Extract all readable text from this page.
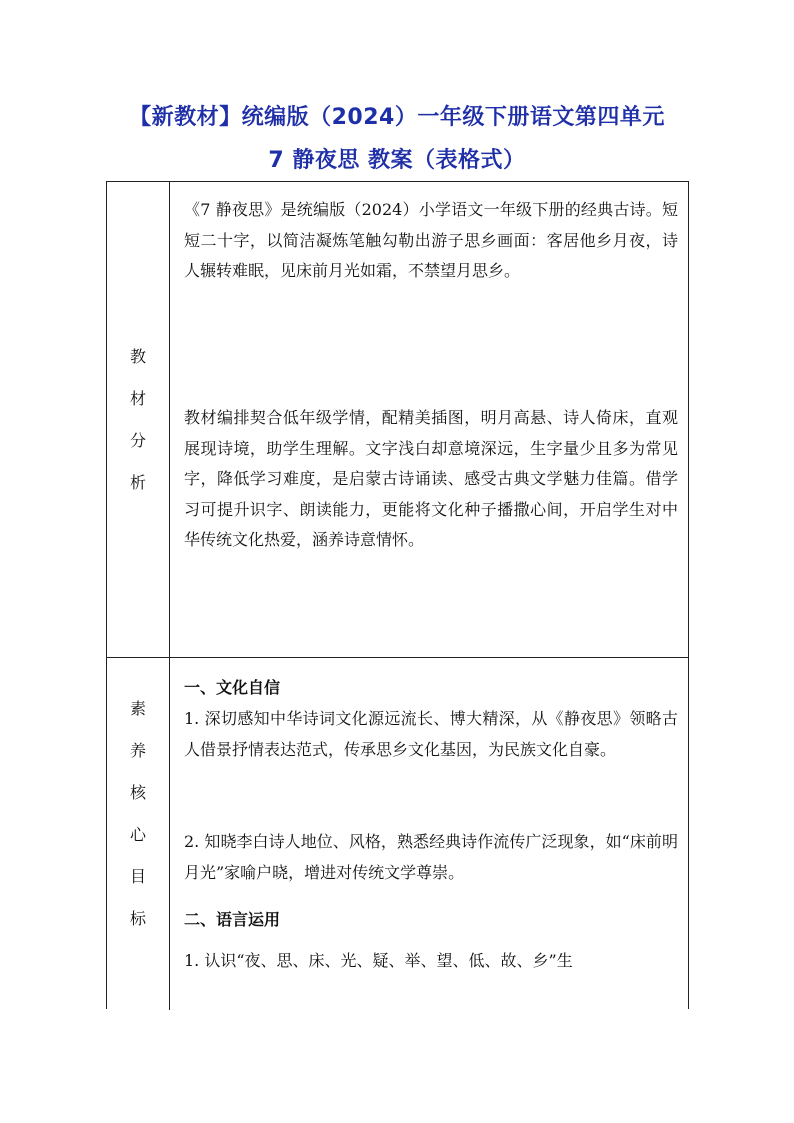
【新教材】统编版（2024）一年级下册语文第四单元
7 静夜思 教案（表格式）
教
材
分
析

《7 静夜思》是统编版（2024）小学语文一年级下册的经典古诗。短短二十字，以简洁凝炼笔触勾勒出游子思乡画面：客居他乡月夜，诗人辗转难眠，见床前月光如霜，不禁望月思乡。

教材编排契合低年级学情，配精美插图，明月高悬、诗人倚床，直观展现诗境，助学生理解。文字浅白却意境深远，生字量少且多为常见字，降低学习难度，是启蒙古诗诵读、感受古典文学魅力佳篇。借学习可提升识字、朗读能力，更能将文化种子播撒心间，开启学生对中华传统文化热爱，涵养诗意情怀。

素
养
核
心
目
标

一、文化自信

1. 深切感知中华诗词文化源远流长、博大精深，从《静夜思》领略古人借景抒情表达范式，传承思乡文化基因，为民族文化自豪。

2. 知晓李白诗人地位、风格，熟悉经典诗作流传广泛现象，如“床前明月光”家喻户晓，增进对传统文学尊崇。

二、语言运用

1. 认识“夜、思、床、光、疑、举、望、低、故、乡”生
